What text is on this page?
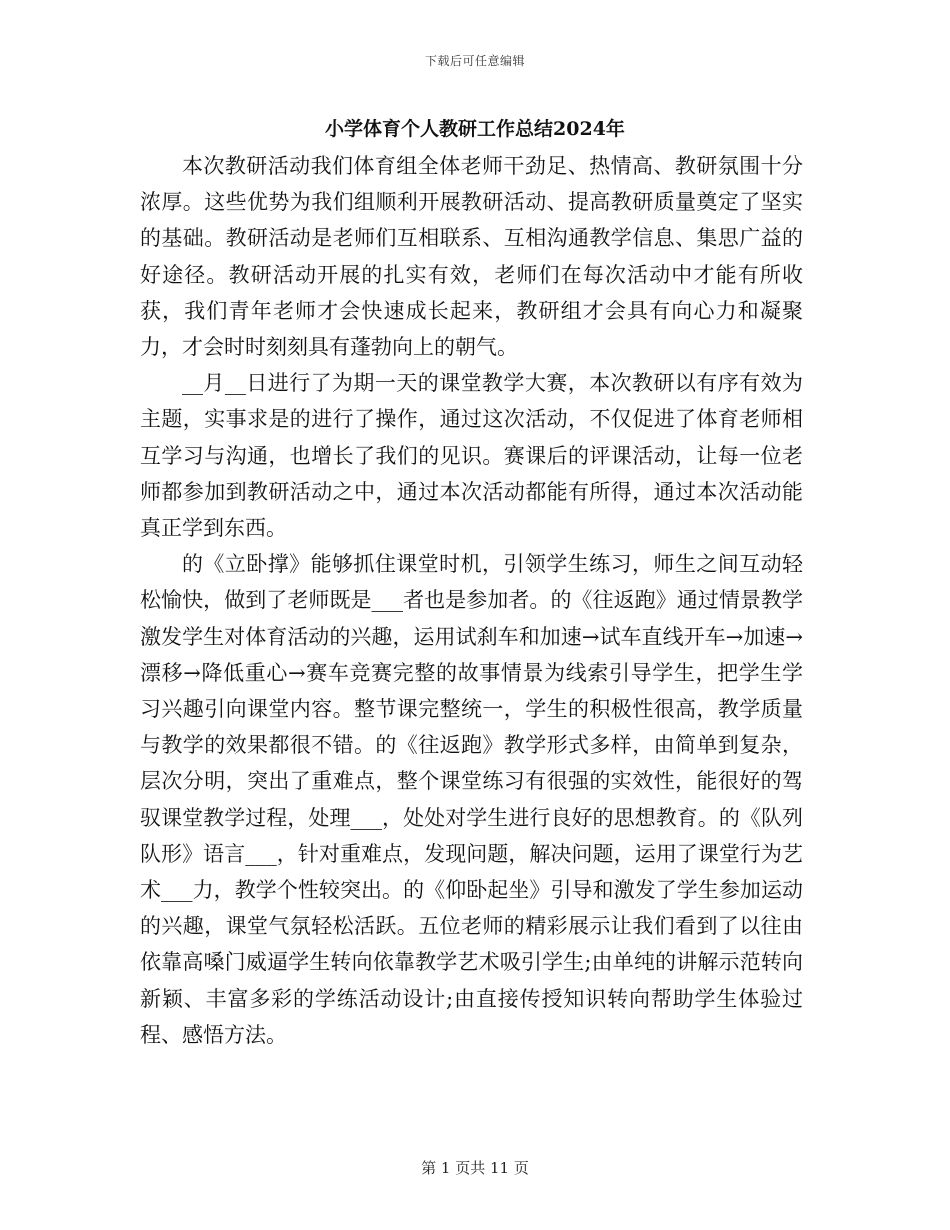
下载后可任意编辑
小学体育个人教研工作总结2024年

本次教研活动我们体育组全体老师干劲足、热情高、教研氛围十分浓厚。这些优势为我们组顺利开展教研活动、提高教研质量奠定了坚实的基础。教研活动是老师们互相联系、互相沟通教学信息、集思广益的好途径。教研活动开展的扎实有效，老师们在每次活动中才能有所收获，我们青年老师才会快速成长起来，教研组才会具有向心力和凝聚力，才会时时刻刻具有蓬勃向上的朝气。

__月__日进行了为期一天的课堂教学大赛，本次教研以有序有效为主题，实事求是的进行了操作，通过这次活动，不仅促进了体育老师相互学习与沟通，也增长了我们的见识。赛课后的评课活动，让每一位老师都参加到教研活动之中，通过本次活动都能有所得，通过本次活动能真正学到东西。

的《立卧撑》能够抓住课堂时机，引领学生练习，师生之间互动轻松愉快，做到了老师既是___者也是参加者。的《往返跑》通过情景教学激发学生对体育活动的兴趣，运用试刹车和加速→试车直线开车→加速→漂移→降低重心→赛车竞赛完整的故事情景为线索引导学生，把学生学习兴趣引向课堂内容。整节课完整统一，学生的积极性很高，教学质量与教学的效果都很不错。的《往返跑》教学形式多样，由简单到复杂，层次分明，突出了重难点，整个课堂练习有很强的实效性，能很好的驾驭课堂教学过程，处理___，处处对学生进行良好的思想教育。的《队列队形》语言___，针对重难点，发现问题，解决问题，运用了课堂行为艺术___力，教学个性较突出。的《仰卧起坐》引导和激发了学生参加运动的兴趣，课堂气氛轻松活跃。五位老师的精彩展示让我们看到了以往由依靠高嗓门威逼学生转向依靠教学艺术吸引学生;由单纯的讲解示范转向新颖、丰富多彩的学练活动设计;由直接传授知识转向帮助学生体验过程、感悟方法。

第 1 页共 11 页
